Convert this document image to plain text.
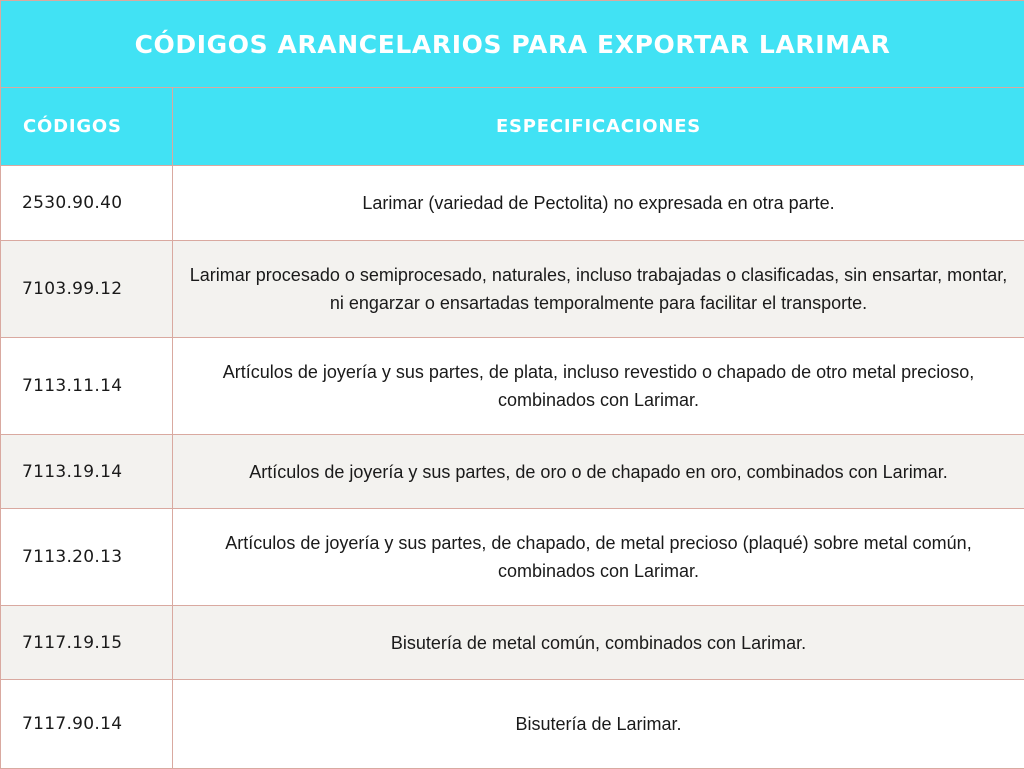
CÓDIGOS ARANCELARIOS PARA EXPORTAR LARIMAR	
CÓDIGOS	ESPECIFICACIONES
2530.90.40	Larimar (variedad de Pectolita) no expresada en otra parte.
7103.99.12	Larimar procesado o semiprocesado, naturales, incluso trabajadas o clasificadas, sin ensartar, montar, ni engarzar o ensartadas temporalmente para facilitar el transporte.
7113.11.14	Artículos de joyería y sus partes, de plata, incluso revestido o chapado de otro metal precioso, combinados con Larimar.
7113.19.14	Artículos de joyería y sus partes, de oro o de chapado en oro, combinados con Larimar.
7113.20.13	Artículos de joyería y sus partes, de chapado, de metal precioso (plaqué) sobre metal común, combinados con Larimar.
7117.19.15	Bisutería de metal común, combinados con Larimar.
7117.90.14	Bisutería de Larimar.
